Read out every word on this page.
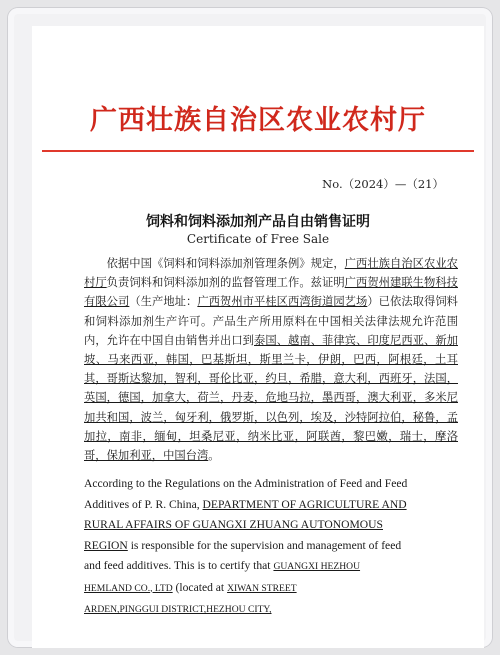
广西壮族自治区农业农村厅
No.（2024）—（21）
饲料和饲料添加剂产品自由销售证明
Certificate of Free Sale
依据中国《饲料和饲料添加剂管理条例》规定，广西壮族自治区农业农村厅负责饲料和饲料添加剂的监督管理工作。兹证明广西贺州建联生物科技有限公司（生产地址：广西贺州市平桂区西湾街道园艺场）已依法取得饲料和饲料添加剂生产许可。产品生产所用原料在中国相关法律法规允许范围内，允许在中国自由销售并出口到泰国、越南、菲律宾、印度尼西亚、新加坡、马来西亚，韩国，巴基斯坦，斯里兰卡，伊朗，巴西，阿根廷，土耳其，哥斯达黎加，智利，哥伦比亚，约旦，希腊，意大利，西班牙，法国，英国，德国，加拿大，荷兰，丹麦，危地马拉，墨西哥，澳大利亚，多米尼加共和国，波兰，匈牙利，俄罗斯，以色列，埃及，沙特阿拉伯，秘鲁，孟加拉，南非，缅甸，坦桑尼亚，纳米比亚，阿联酋，黎巴嫩，瑞士，摩洛哥，保加利亚，中国台湾。
According to the Regulations on the Administration of Feed and Feed
Additives of P. R. China, DEPARTMENT OF AGRICULTURE AND
RURAL AFFAIRS OF GUANGXI ZHUANG AUTONOMOUS
REGION is responsible for the supervision and management of feed
and feed additives. This is to certify that GUANGXI HEZHOU
HEMLAND CO., LTD (located at XIWAN STREET
ARDEN,PINGGUI DISTRICT,HEZHOU CITY,
